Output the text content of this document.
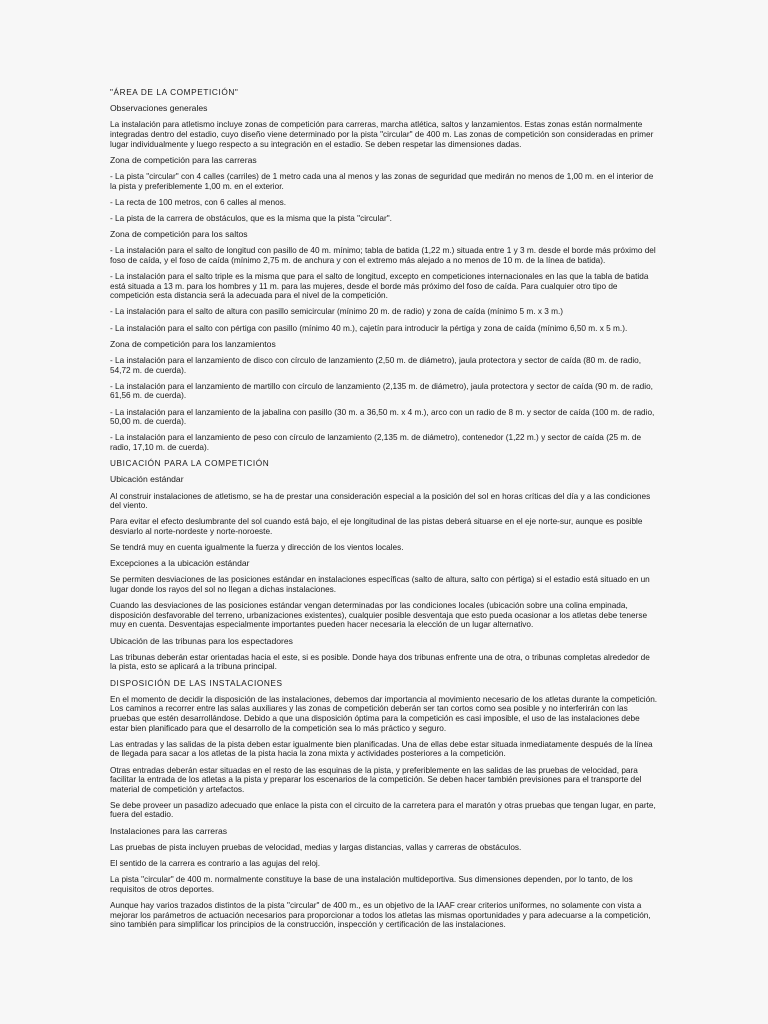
"ÁREA DE LA COMPETICIÓN"
Observaciones generales
La instalación para atletismo incluye zonas de competición para carreras, marcha atlética, saltos y lanzamientos. Estas zonas están normalmente integradas dentro del estadio, cuyo diseño viene determinado por la pista "circular" de 400 m. Las zonas de competición son consideradas en primer lugar individualmente y luego respecto a su integración en el estadio. Se deben respetar las dimensiones dadas.
Zona de competición para las carreras
- La pista "circular" con 4 calles (carriles) de 1 metro cada una al menos y las zonas de seguridad que medirán no menos de 1,00 m. en el interior de la pista y preferiblemente 1,00 m. en el exterior.
- La recta de 100 metros, con 6 calles al menos.
- La pista de la carrera de obstáculos, que es la misma que la pista "circular".
Zona de competición para los saltos
- La instalación para el salto de longitud con pasillo de 40 m. mínimo; tabla de batida (1,22 m.) situada entre 1 y 3 m. desde el borde más próximo del foso de caída, y el foso de caída (mínimo 2,75 m. de anchura y con el extremo más alejado a no menos de 10 m. de la línea de batida).
- La instalación para el salto triple es la misma que para el salto de longitud, excepto en competiciones internacionales en las que la tabla de batida está situada a 13 m. para los hombres y 11 m. para las mujeres, desde el borde más próximo del foso de caída. Para cualquier otro tipo de competición esta distancia será la adecuada para el nivel de la competición.
- La instalación para el salto de altura con pasillo semicircular (mínimo 20 m. de radio) y zona de caída (mínimo 5 m. x 3 m.)
- La instalación para el salto con pértiga con pasillo (mínimo 40 m.), cajetín para introducir la pértiga y zona de caída (mínimo 6,50 m. x 5 m.).
Zona de competición para los lanzamientos
- La instalación para el lanzamiento de disco con círculo de lanzamiento (2,50 m. de diámetro), jaula protectora y sector de caída (80 m. de radio, 54,72 m. de cuerda).
- La instalación para el lanzamiento de martillo con círculo de lanzamiento (2,135 m. de diámetro), jaula protectora y sector de caída (90 m. de radio, 61,56 m. de cuerda).
- La instalación para el lanzamiento de la jabalina con pasillo (30 m. a 36,50 m. x 4 m.), arco con un radio de 8 m. y sector de caída (100 m. de radio, 50,00 m. de cuerda).
- La instalación para el lanzamiento de peso con círculo de lanzamiento (2,135 m. de diámetro), contenedor (1,22 m.) y sector de caída (25 m. de radio, 17,10 m. de cuerda).
UBICACIÓN PARA LA COMPETICIÓN
Ubicación estándar
Al construir instalaciones de atletismo, se ha de prestar una consideración especial a la posición del sol en horas críticas del día y a las condiciones del viento.
Para evitar el efecto deslumbrante del sol cuando está bajo, el eje longitudinal de las pistas deberá situarse en el eje norte-sur, aunque es posible desviarlo al norte-nordeste y norte-noroeste.
Se tendrá muy en cuenta igualmente la fuerza y dirección de los vientos locales.
Excepciones a la ubicación estándar
Se permiten desviaciones de las posiciones estándar en instalaciones específicas (salto de altura, salto con pértiga) si el estadio está situado en un lugar donde los rayos del sol no llegan a dichas instalaciones.
Cuando las desviaciones de las posiciones estándar vengan determinadas por las condiciones locales (ubicación sobre una colina empinada, disposición desfavorable del terreno, urbanizaciones existentes), cualquier posible desventaja que esto pueda ocasionar a los atletas debe tenerse muy en cuenta. Desventajas especialmente importantes pueden hacer necesaria la elección de un lugar alternativo.
Ubicación de las tribunas para los espectadores
Las tribunas deberán estar orientadas hacia el este, si es posible. Donde haya dos tribunas enfrente una de otra, o tribunas completas alrededor de la pista, esto se aplicará a la tribuna principal.
DISPOSICIÓN DE LAS INSTALACIONES
En el momento de decidir la disposición de las instalaciones, debemos dar importancia al movimiento necesario de los atletas durante la competición. Los caminos a recorrer entre las salas auxiliares y las zonas de competición deberán ser tan cortos como sea posible y no interferirán con las pruebas que estén desarrollándose. Debido a que una disposición óptima para la competición es casi imposible, el uso de las instalaciones debe estar bien planificado para que el desarrollo de la competición sea lo más práctico y seguro.
Las entradas y las salidas de la pista deben estar igualmente bien planificadas. Una de ellas debe estar situada inmediatamente después de la línea de llegada para sacar a los atletas de la pista hacia la zona mixta y actividades posteriores a la competición.
Otras entradas deberán estar situadas en el resto de las esquinas de la pista, y preferiblemente en las salidas de las pruebas de velocidad, para facilitar la entrada de los atletas a la pista y preparar los escenarios de la competición. Se deben hacer también previsiones para el transporte del material de competición y artefactos.
Se debe proveer un pasadizo adecuado que enlace la pista con el circuito de la carretera para el maratón y otras pruebas que tengan lugar, en parte, fuera del estadio.
Instalaciones para las carreras
Las pruebas de pista incluyen pruebas de velocidad, medias y largas distancias, vallas y carreras de obstáculos.
El sentido de la carrera es contrario a las agujas del reloj.
La pista "circular" de 400 m. normalmente constituye la base de una instalación multideportiva. Sus dimensiones dependen, por lo tanto, de los requisitos de otros deportes.
Aunque hay varios trazados distintos de la pista "circular" de 400 m., es un objetivo de la IAAF crear criterios uniformes, no solamente con vista a mejorar los parámetros de actuación necesarios para proporcionar a todos los atletas las mismas oportunidades y para adecuarse a la competición, sino también para simplificar los principios de la construcción, inspección y certificación de las instalaciones.
